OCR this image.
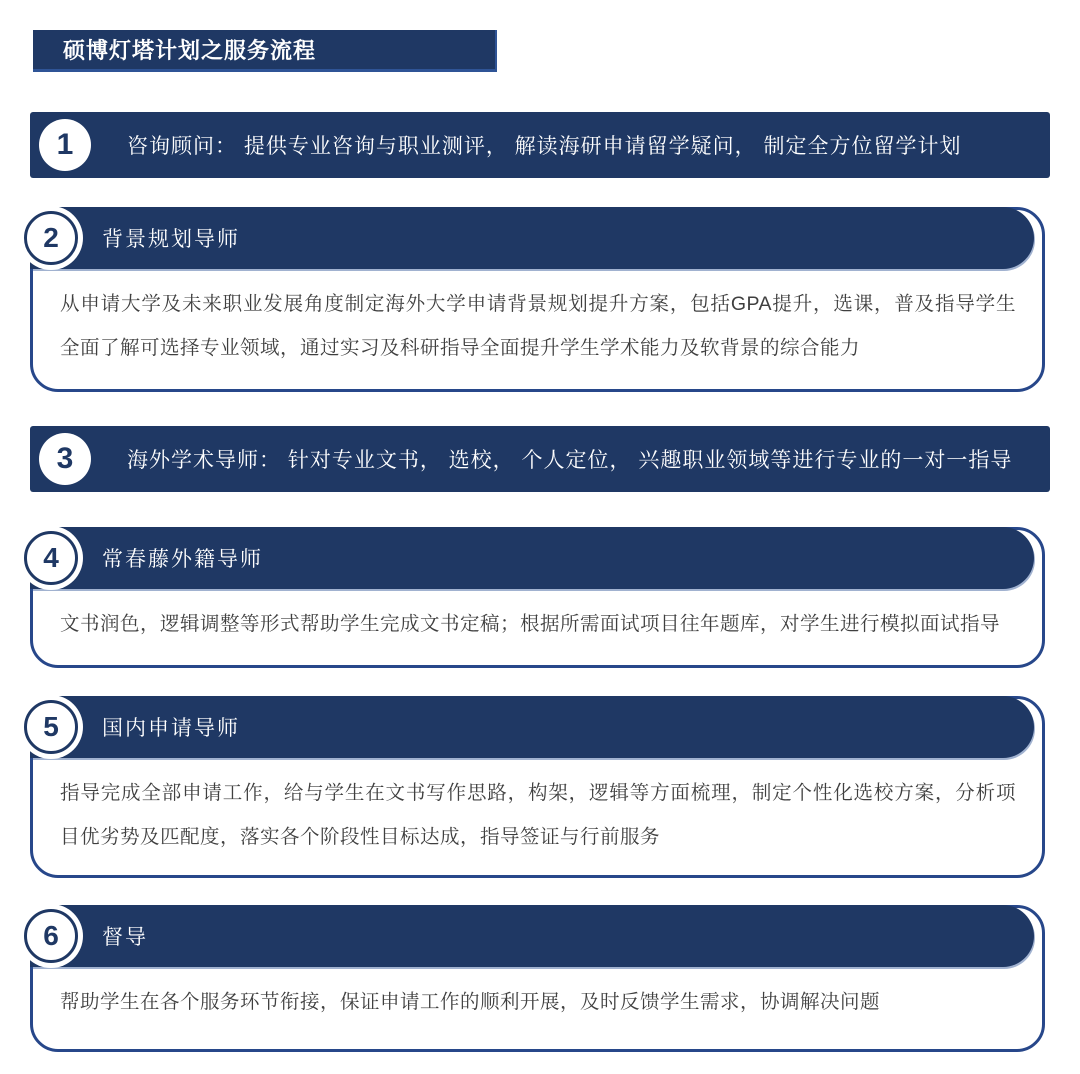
硕博灯塔计划之服务流程
1	咨询顾问： 提供专业咨询与职业测评， 解读海研申请留学疑问， 制定全方位留学计划
2	背景规划导师
从申请大学及未来职业发展角度制定海外大学申请背景规划提升方案，包括GPA提升，选课，普及指导学生全面了解可选择专业领域，通过实习及科研指导全面提升学生学术能力及软背景的综合能力
3	海外学术导师： 针对专业文书， 选校， 个人定位， 兴趣职业领域等进行专业的一对一指导
4	常春藤外籍导师
文书润色，逻辑调整等形式帮助学生完成文书定稿；根据所需面试项目往年题库，对学生进行模拟面试指导
5	国内申请导师
指导完成全部申请工作，给与学生在文书写作思路，构架，逻辑等方面梳理，制定个性化选校方案，分析项目优劣势及匹配度，落实各个阶段性目标达成，指导签证与行前服务
6	督导
帮助学生在各个服务环节衔接，保证申请工作的顺利开展，及时反馈学生需求，协调解决问题
